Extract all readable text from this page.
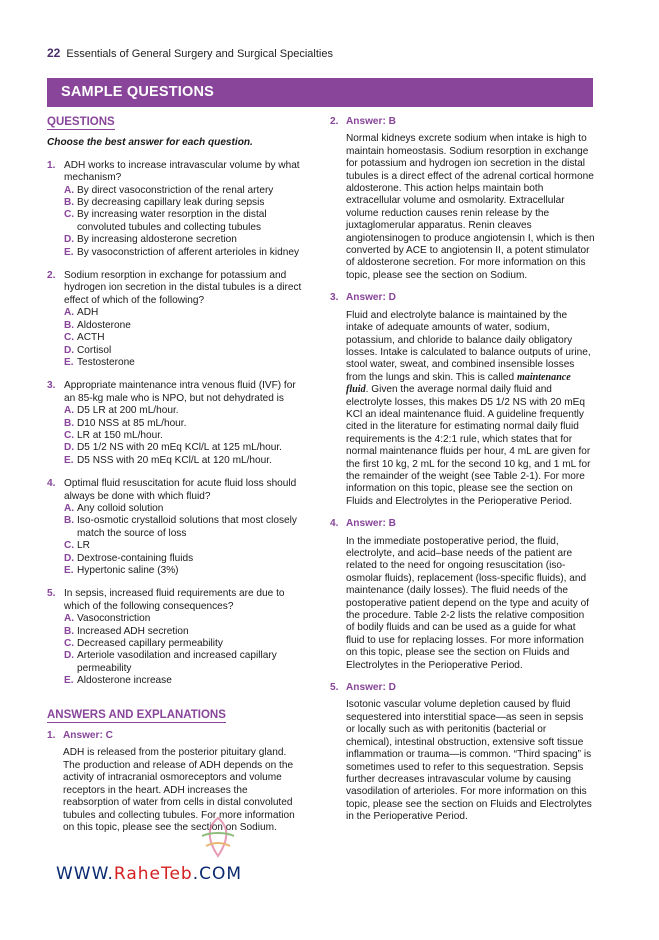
22 Essentials of General Surgery and Surgical Specialties
SAMPLE QUESTIONS
QUESTIONS
Choose the best answer for each question.
1. ADH works to increase intravascular volume by what mechanism?
A. By direct vasoconstriction of the renal artery
B. By decreasing capillary leak during sepsis
C. By increasing water resorption in the distal convoluted tubules and collecting tubules
D. By increasing aldosterone secretion
E. By vasoconstriction of afferent arterioles in kidney
2. Sodium resorption in exchange for potassium and hydrogen ion secretion in the distal tubules is a direct effect of which of the following?
A. ADH
B. Aldosterone
C. ACTH
D. Cortisol
E. Testosterone
3. Appropriate maintenance intra venous fluid (IVF) for an 85-kg male who is NPO, but not dehydrated is
A. D5 LR at 200 mL/hour.
B. D10 NSS at 85 mL/hour.
C. LR at 150 mL/hour.
D. D5 1/2 NS with 20 mEq KCl/L at 125 mL/hour.
E. D5 NSS with 20 mEq KCl/L at 120 mL/hour.
4. Optimal fluid resuscitation for acute fluid loss should always be done with which fluid?
A. Any colloid solution
B. Iso-osmotic crystalloid solutions that most closely match the source of loss
C. LR
D. Dextrose-containing fluids
E. Hypertonic saline (3%)
5. In sepsis, increased fluid requirements are due to which of the following consequences?
A. Vasoconstriction
B. Increased ADH secretion
C. Decreased capillary permeability
D. Arteriole vasodilation and increased capillary permeability
E. Aldosterone increase
ANSWERS AND EXPLANATIONS
1. Answer: C
ADH is released from the posterior pituitary gland. The production and release of ADH depends on the activity of intracranial osmoreceptors and volume receptors in the heart. ADH increases the reabsorption of water from cells in distal convoluted tubules and collecting tubules. For more information on this topic, please see the section on Sodium.
2. Answer: B
Normal kidneys excrete sodium when intake is high to maintain homeostasis. Sodium resorption in exchange for potassium and hydrogen ion secretion in the distal tubules is a direct effect of the adrenal cortical hormone aldosterone. This action helps maintain both extracellular volume and osmolarity. Extracellular volume reduction causes renin release by the juxtaglomerular apparatus. Renin cleaves angiotensinogen to produce angiotensin I, which is then converted by ACE to angiotensin II, a potent stimulator of aldosterone secretion. For more information on this topic, please see the section on Sodium.
3. Answer: D
Fluid and electrolyte balance is maintained by the intake of adequate amounts of water, sodium, potassium, and chloride to balance daily obligatory losses. Intake is calculated to balance outputs of urine, stool water, sweat, and combined insensible losses from the lungs and skin. This is called maintenance fluid. Given the average normal daily fluid and electrolyte losses, this makes D5 1/2 NS with 20 mEq KCl an ideal maintenance fluid. A guideline frequently cited in the literature for estimating normal daily fluid requirements is the 4:2:1 rule, which states that for normal maintenance fluids per hour, 4 mL are given for the first 10 kg, 2 mL for the second 10 kg, and 1 mL for the remainder of the weight (see Table 2-1). For more information on this topic, please see the section on Fluids and Electrolytes in the Perioperative Period.
4. Answer: B
In the immediate postoperative period, the fluid, electrolyte, and acid–base needs of the patient are related to the need for ongoing resuscitation (iso-osmolar fluids), replacement (loss-specific fluids), and maintenance (daily losses). The fluid needs of the postoperative patient depend on the type and acuity of the procedure. Table 2-2 lists the relative composition of bodily fluids and can be used as a guide for what fluid to use for replacing losses. For more information on this topic, please see the section on Fluids and Electrolytes in the Perioperative Period.
5. Answer: D
Isotonic vascular volume depletion caused by fluid sequestered into interstitial space—as seen in sepsis or locally such as with peritonitis (bacterial or chemical), intestinal obstruction, extensive soft tissue inflammation or trauma—is common. “Third spacing” is sometimes used to refer to this sequestration. Sepsis further decreases intravascular volume by causing vasodilation of arterioles. For more information on this topic, please see the section on Fluids and Electrolytes in the Perioperative Period.
WWW.RaheTeb.COM
